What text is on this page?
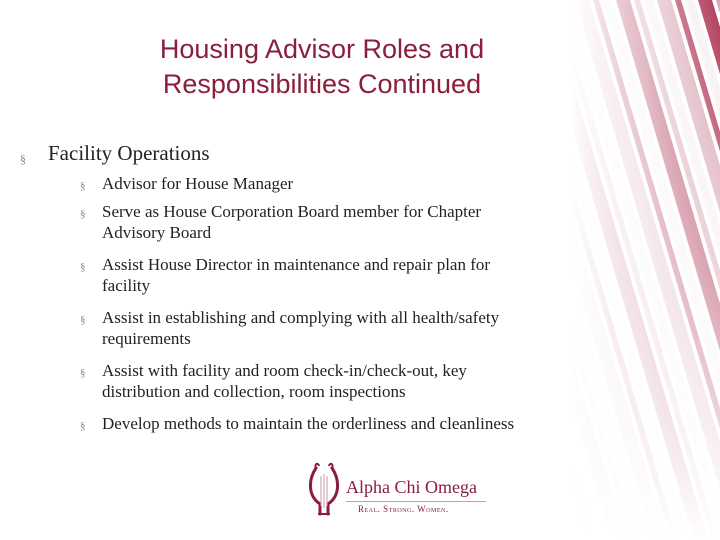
Housing Advisor Roles and
Responsibilities Continued
§ Facility Operations
§ Advisor for House Manager
§ Serve as House Corporation Board member for Chapter
Advisory Board
§ Assist House Director in maintenance and repair plan for
facility
§ Assist in establishing and complying with all health/safety
requirements
§ Assist with facility and room check-in/check-out, key
distribution and collection, room inspections
§ Develop methods to maintain the orderliness and cleanliness
Alpha Chi Omega
Real. Strong. Women.
